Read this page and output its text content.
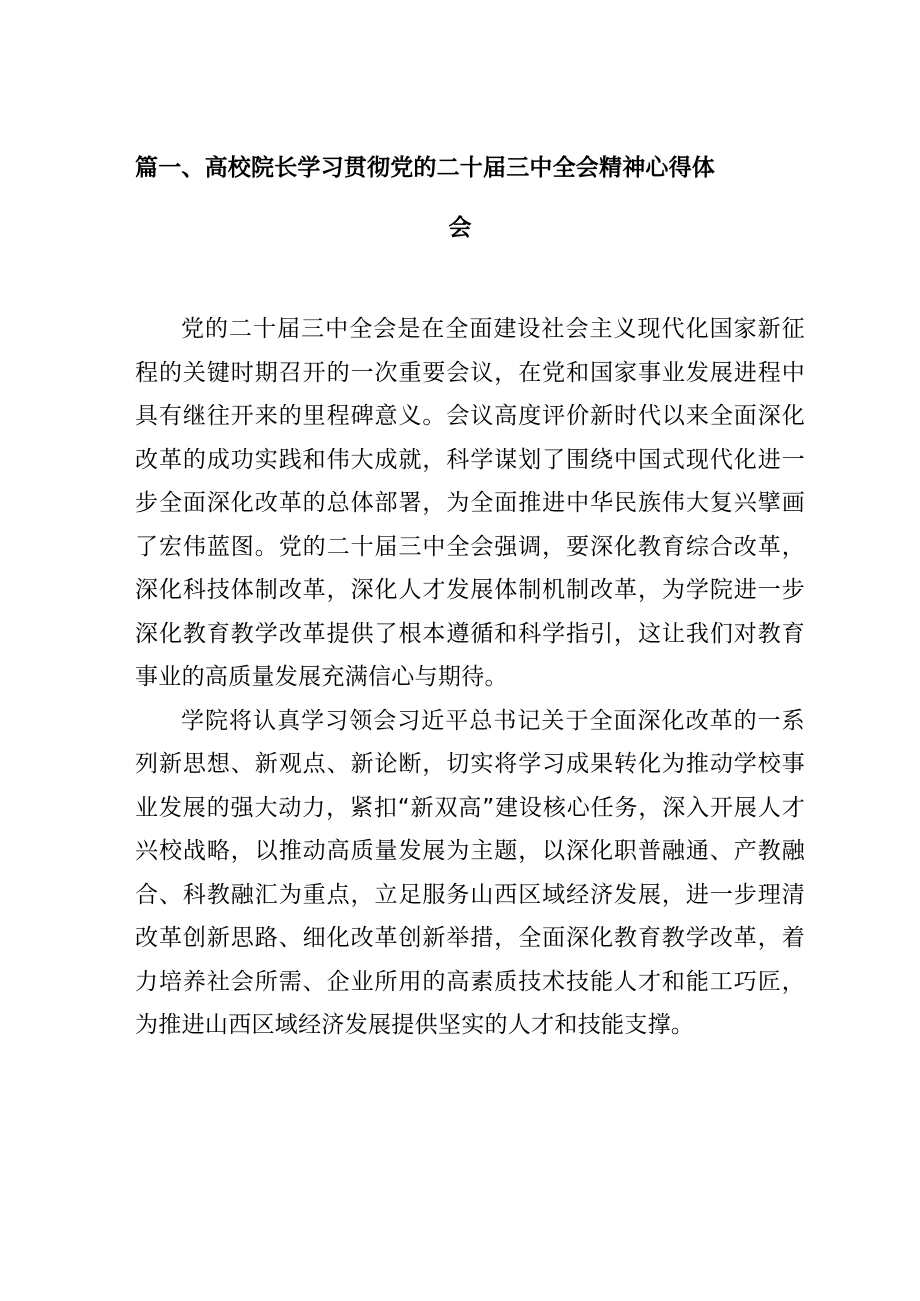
篇一、高校院长学习贯彻党的二十届三中全会精神心得体
会

党的二十届三中全会是在全面建设社会主义现代化国家新征程的关键时期召开的一次重要会议，在党和国家事业发展进程中具有继往开来的里程碑意义。会议高度评价新时代以来全面深化改革的成功实践和伟大成就，科学谋划了围绕中国式现代化进一步全面深化改革的总体部署，为全面推进中华民族伟大复兴擘画了宏伟蓝图。党的二十届三中全会强调，要深化教育综合改革，深化科技体制改革，深化人才发展体制机制改革，为学院进一步深化教育教学改革提供了根本遵循和科学指引，这让我们对教育事业的高质量发展充满信心与期待。

学院将认真学习领会习近平总书记关于全面深化改革的一系列新思想、新观点、新论断，切实将学习成果转化为推动学校事业发展的强大动力，紧扣“新双高”建设核心任务，深入开展人才兴校战略，以推动高质量发展为主题，以深化职普融通、产教融合、科教融汇为重点，立足服务山西区域经济发展，进一步理清改革创新思路、细化改革创新举措，全面深化教育教学改革，着力培养社会所需、企业所用的高素质技术技能人才和能工巧匠，为推进山西区域经济发展提供坚实的人才和技能支撑。
